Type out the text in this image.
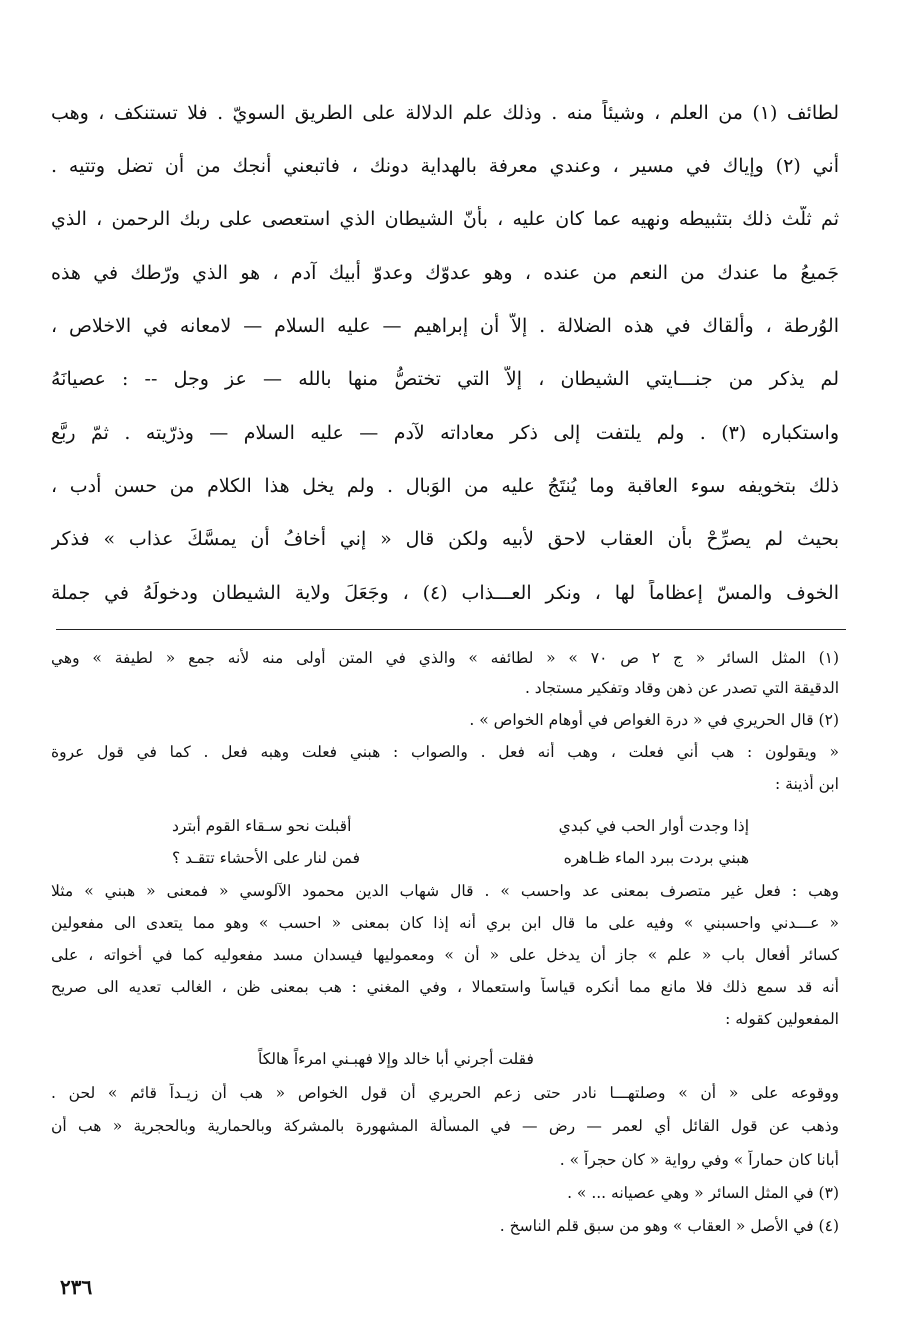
لطائف (١) من العلم ، وشيئاً منه . وذلك علم الدلالة على الطريق السويّ . فلا تستنكف ، وهب
أني (٢) وإياك في مسير ، وعندي معرفة بالهداية دونك ، فاتبعني أُنجك من أن تضل وتتيه .
ثم ثلَّث ذلك بتثبيطه ونهيه عما كان عليه ، بأنّ الشيطان الذي استعصى على ربك الرحمن ، الذي
جَميعُ ما عندك من النعم من عنده ، وهو عدوّك وعدوّ أبيك آدم ، هو الذي ورّطك في هذه
الوُرطة ، وألقاك في هذه الضلالة . إلاّ أن إبراهيم — عليه السلام — لامعانه في الاخلاص ،
لم يذكر من جنـــايتي الشيطان ، إلاّ التي تختصُّ منها بالله — عز وجل -- : عصيانَهُ
واستكباره (٣) . ولم يلتفت إلى ذكر معاداته لآدم — عليه السلام — وذرّيته . ثمّ ربَّع
ذلك بتخويفه سوء العاقبة وما يُنتَجُ عليه من الوَبال . ولم يخل هذا الكلام من حسن أدب ،
بحيث لم يصرِّحْ بأن العقاب لاحق لأبيه ولكن قال « إني أخافُ أن يمسَّكَ عذاب » فذكر
الخوف والمسّ إعظاماً لها ، ونكر العـــذاب (٤) ، وجَعَلَ ولاية الشيطان ودخولَهُ في جملة
(١) المثل السائر « ج ٢ ص ٧٠ » « لطائفه » والذي في المتن أولى منه لأنه جمع « لطيفة » وهي
الدقيقة التي تصدر عن ذهن وقاد وتفكير مستجاد .
(٢) قال الحريري في « درة الغواص في أوهام الخواص » .
« ويقولون : هب أني فعلت ، وهب أنه فعل . والصواب : هبني فعلت وهبه فعل . كما في قول عروة
ابن أذينة :
إذا وجدت أوار الحب في كبدي
أقبلت نحو سـقاء القوم أبترد
هبني بردت ببرد الماء ظـاهره
فمن لنار على الأحشاء تتقـد ؟
وهب : فعل غير متصرف بمعنى عد واحسب » . قال شهاب الدين محمود الآلوسي « فمعنى « هبني » مثلا
« عـــدني واحسبني » وفيه على ما قال ابن بري أنه إذا كان بمعنى « احسب » وهو مما يتعدى الى مفعولين
كسائر أفعال باب « علم » جاز أن يدخل على « أن » ومعموليها فيسدان مسد مفعوليه كما في أخواته ، على
أنه قد سمع ذلك فلا مانع مما أنكره قياساً واستعمالا ، وفي المغني : هب بمعنى ظن ، الغالب تعديه الى صريح
المفعولين كقوله :
فقلت أجرني أبا خالد وإلا فهبـني امرءاً هالكاً
ووقوعه على « أن » وصلتهـــا نادر حتى زعم الحريري أن قول الخواص « هب أن زيـداً قائم » لحن .
وذهب عن قول القائل أي لعمر — رض — في المسألة المشهورة بالمشركة وبالحمارية وبالحجرية « هب أن
أبانا كان حماراً » وفي رواية « كان حجراً » .
(٣) في المثل السائر « وهي عصيانه ... » .
(٤) في الأصل « العقاب » وهو من سبق قلم الناسخ .
٢٣٦
